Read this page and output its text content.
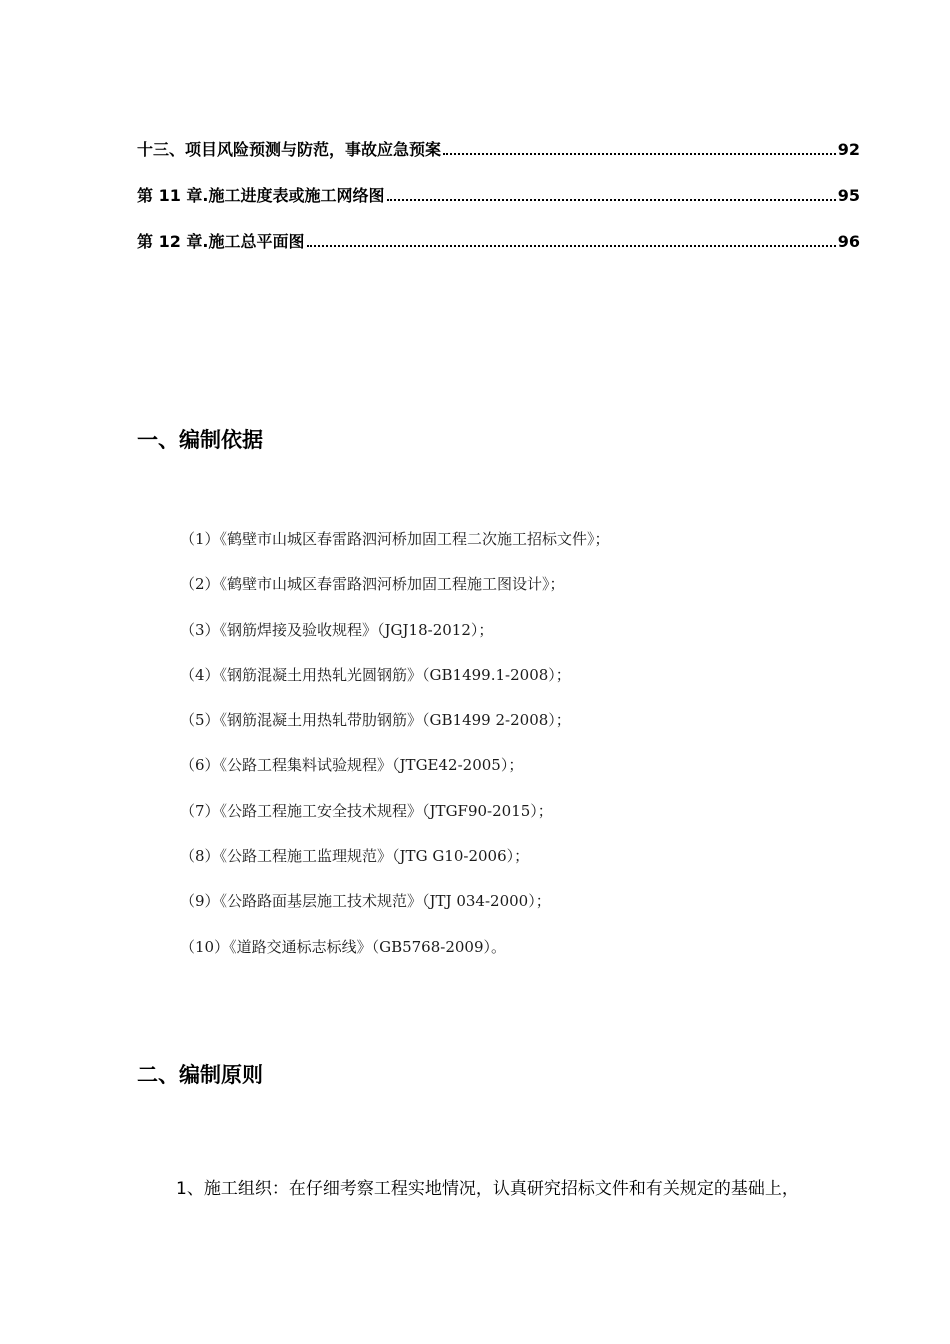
十三、项目风险预测与防范，事故应急预案	92
第 11 章.施工进度表或施工网络图	95
第 12 章.施工总平面图	96
一、编制依据
（1）《鹤壁市山城区春雷路泗河桥加固工程二次施工招标文件》；
（2）《鹤壁市山城区春雷路泗河桥加固工程施工图设计》；
（3）《钢筋焊接及验收规程》（JGJ18-2012）；
（4）《钢筋混凝土用热轧光圆钢筋》（GB1499.1-2008）；
（5）《钢筋混凝土用热轧带肋钢筋》（GB1499 2-2008）；
（6）《公路工程集料试验规程》（JTGE42-2005）；
（7）《公路工程施工安全技术规程》（JTGF90-2015）；
（8）《公路工程施工监理规范》（JTG G10-2006）；
（9）《公路路面基层施工技术规范》（JTJ 034-2000）；
（10）《道路交通标志标线》（GB5768-2009）。
二、编制原则
1、施工组织：在仔细考察工程实地情况，认真研究招标文件和有关规定的基础上，
